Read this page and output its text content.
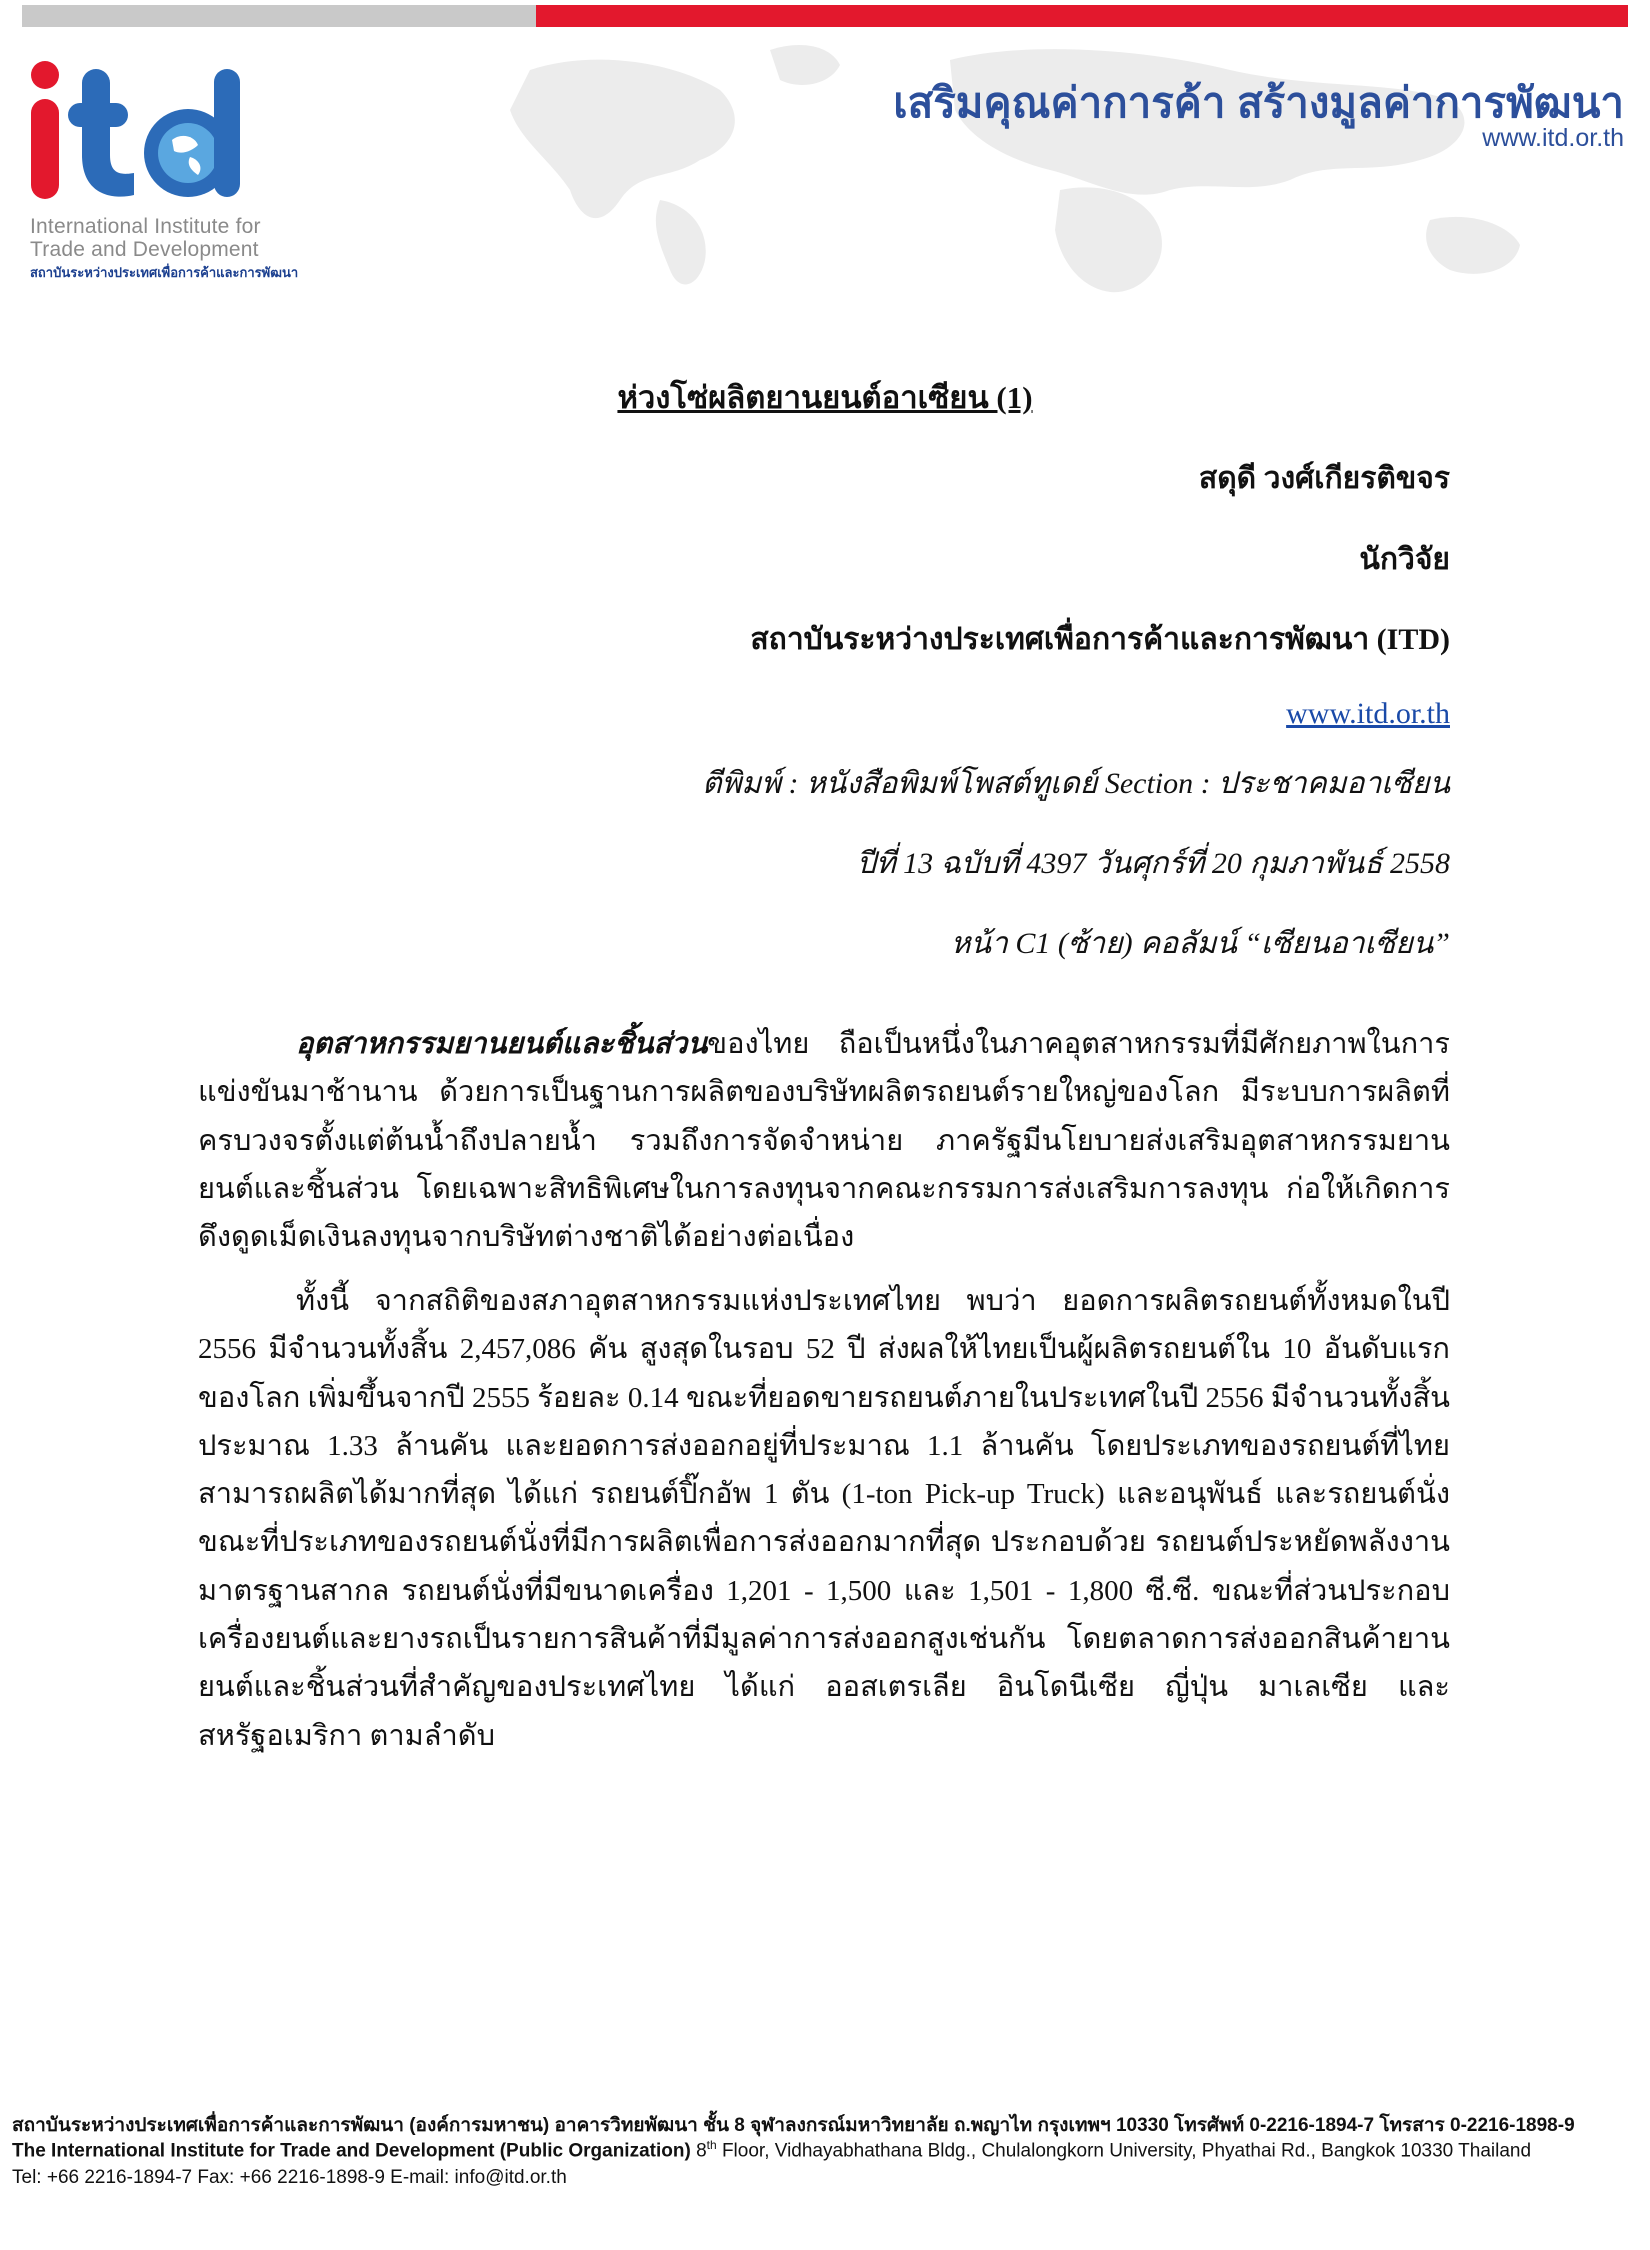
International Institute for
Trade and Development
สถาบันระหว่างประเทศเพื่อการค้าและการพัฒนา
เสริมคุณค่าการค้า สร้างมูลค่าการพัฒนา
www.itd.or.th
ห่วงโซ่ผลิตยานยนต์อาเซียน (1)
สดุดี วงศ์เกียรติขจร
นักวิจัย
สถาบันระหว่างประเทศเพื่อการค้าและการพัฒนา (ITD)
www.itd.or.th
ตีพิมพ์ : หนังสือพิมพ์โพสต์ทูเดย์ Section : ประชาคมอาเซียน
ปีที่ 13 ฉบับที่ 4397 วันศุกร์ที่ 20 กุมภาพันธ์ 2558
หน้า C1 (ซ้าย) คอลัมน์ “เซียนอาเซียน”
อุตสาหกรรมยานยนต์และชิ้นส่วนของไทย ถือเป็นหนึ่งในภาคอุตสาหกรรมที่มีศักยภาพในการแข่งขันมาช้านาน ด้วยการเป็นฐานการผลิตของบริษัทผลิตรถยนต์รายใหญ่ของโลก มีระบบการผลิตที่ครบวงจรตั้งแต่ต้นน้ำถึงปลายน้ำ รวมถึงการจัดจำหน่าย ภาครัฐมีนโยบายส่งเสริมอุตสาหกรรมยานยนต์และชิ้นส่วน โดยเฉพาะสิทธิพิเศษในการลงทุนจากคณะกรรมการส่งเสริมการลงทุน ก่อให้เกิดการดึงดูดเม็ดเงินลงทุนจากบริษัทต่างชาติได้อย่างต่อเนื่อง
ทั้งนี้ จากสถิติของสภาอุตสาหกรรมแห่งประเทศไทย พบว่า ยอดการผลิตรถยนต์ทั้งหมดในปี 2556 มีจำนวนทั้งสิ้น 2,457,086 คัน สูงสุดในรอบ 52 ปี ส่งผลให้ไทยเป็นผู้ผลิตรถยนต์ใน 10 อันดับแรกของโลก เพิ่มขึ้นจากปี 2555 ร้อยละ 0.14 ขณะที่ยอดขายรถยนต์ภายในประเทศในปี 2556 มีจำนวนทั้งสิ้นประมาณ 1.33 ล้านคัน และยอดการส่งออกอยู่ที่ประมาณ 1.1 ล้านคัน โดยประเภทของรถยนต์ที่ไทยสามารถผลิตได้มากที่สุด ได้แก่ รถยนต์ปิ๊กอัพ 1 ตัน (1-ton Pick-up Truck) และอนุพันธ์ และรถยนต์นั่ง ขณะที่ประเภทของรถยนต์นั่งที่มีการผลิตเพื่อการส่งออกมากที่สุด ประกอบด้วย รถยนต์ประหยัดพลังงานมาตรฐานสากล รถยนต์นั่งที่มีขนาดเครื่อง 1,201 - 1,500 และ 1,501 - 1,800 ซี.ซี. ขณะที่ส่วนประกอบเครื่องยนต์และยางรถเป็นรายการสินค้าที่มีมูลค่าการส่งออกสูงเช่นกัน โดยตลาดการส่งออกสินค้ายานยนต์และชิ้นส่วนที่สำคัญของประเทศไทย ได้แก่ ออสเตรเลีย อินโดนีเซีย ญี่ปุ่น มาเลเซีย และสหรัฐอเมริกา ตามลำดับ
สถาบันระหว่างประเทศเพื่อการค้าและการพัฒนา (องค์การมหาชน) อาคารวิทยพัฒนา ชั้น 8 จุฬาลงกรณ์มหาวิทยาลัย ถ.พญาไท กรุงเทพฯ 10330 โทรศัพท์ 0-2216-1894-7 โทรสาร 0-2216-1898-9
The International Institute for Trade and Development (Public Organization) 8th Floor, Vidhayabhathana Bldg., Chulalongkorn University, Phyathai Rd., Bangkok 10330 Thailand
Tel: +66 2216-1894-7 Fax: +66 2216-1898-9 E-mail: info@itd.or.th
